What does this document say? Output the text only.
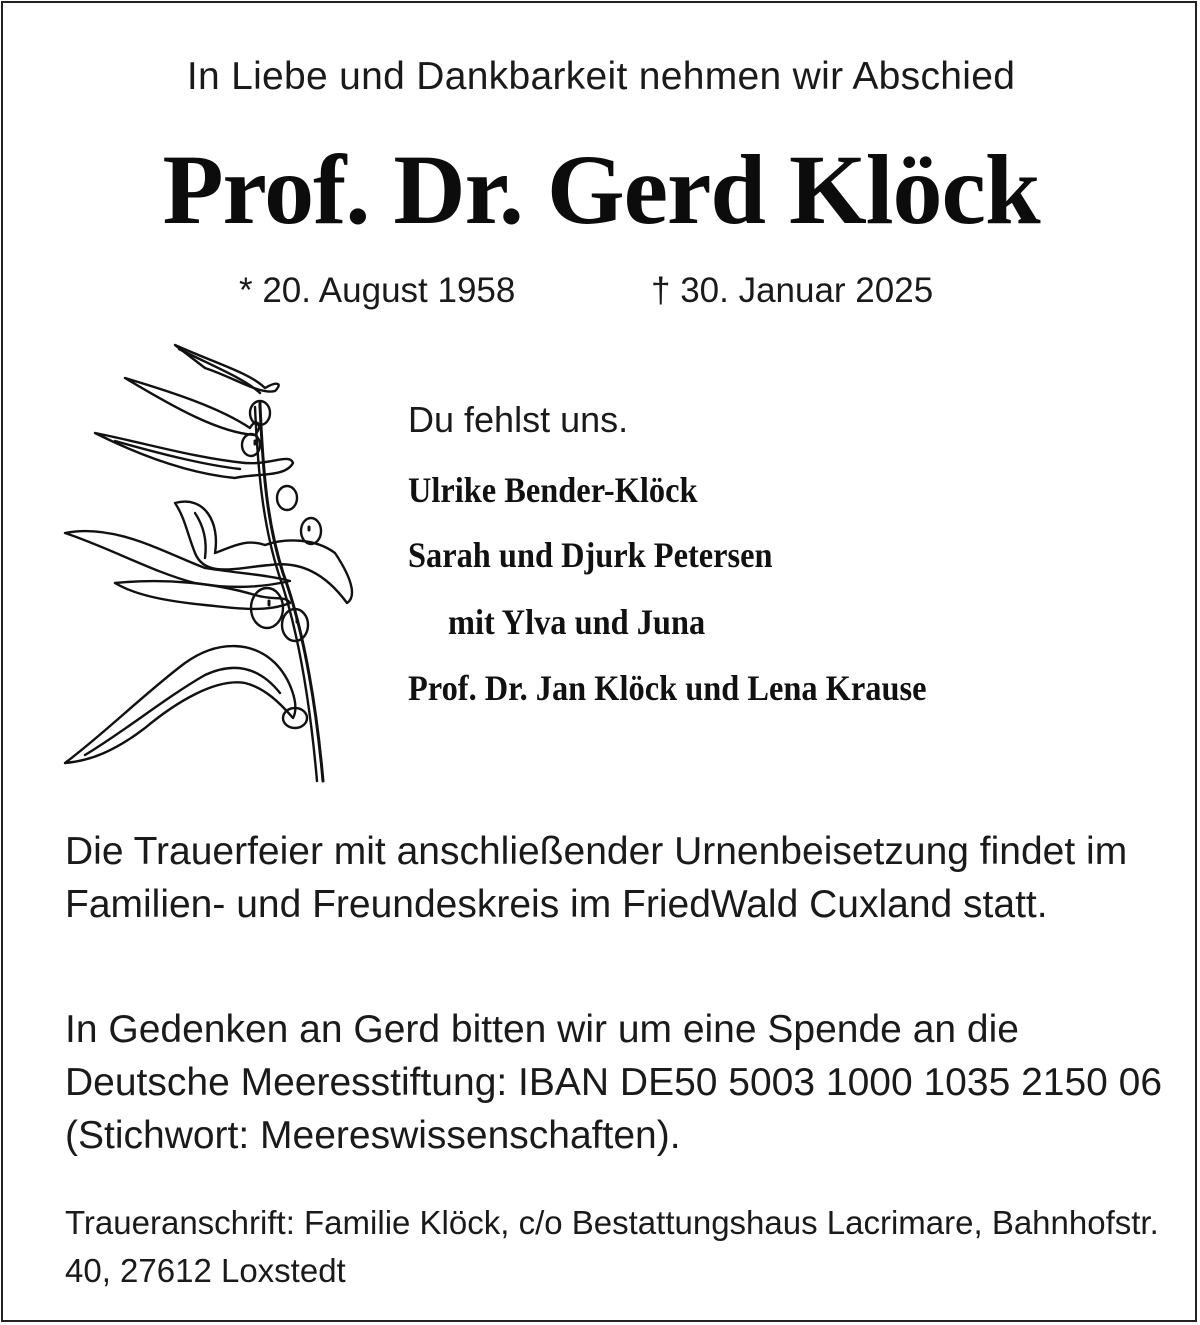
In Liebe und Dankbarkeit nehmen wir Abschied
Prof. Dr. Gerd Klöck
* 20. August 1958	† 30. Januar 2025
Du fehlst uns.
Ulrike Bender-Klöck
Sarah und Djurk Petersen
mit Ylva und Juna
Prof. Dr. Jan Klöck und Lena Krause
Die Trauerfeier mit anschließender Urnenbeisetzung findet im Familien- und Freundeskreis im FriedWald Cuxland statt.
In Gedenken an Gerd bitten wir um eine Spende an die Deutsche Meeresstiftung: IBAN DE50 5003 1000 1035 2150 06 (Stichwort: Meereswissenschaften).
Traueranschrift: Familie Klöck, c/o Bestattungshaus Lacrimare, Bahnhofstr. 40, 27612 Loxstedt
